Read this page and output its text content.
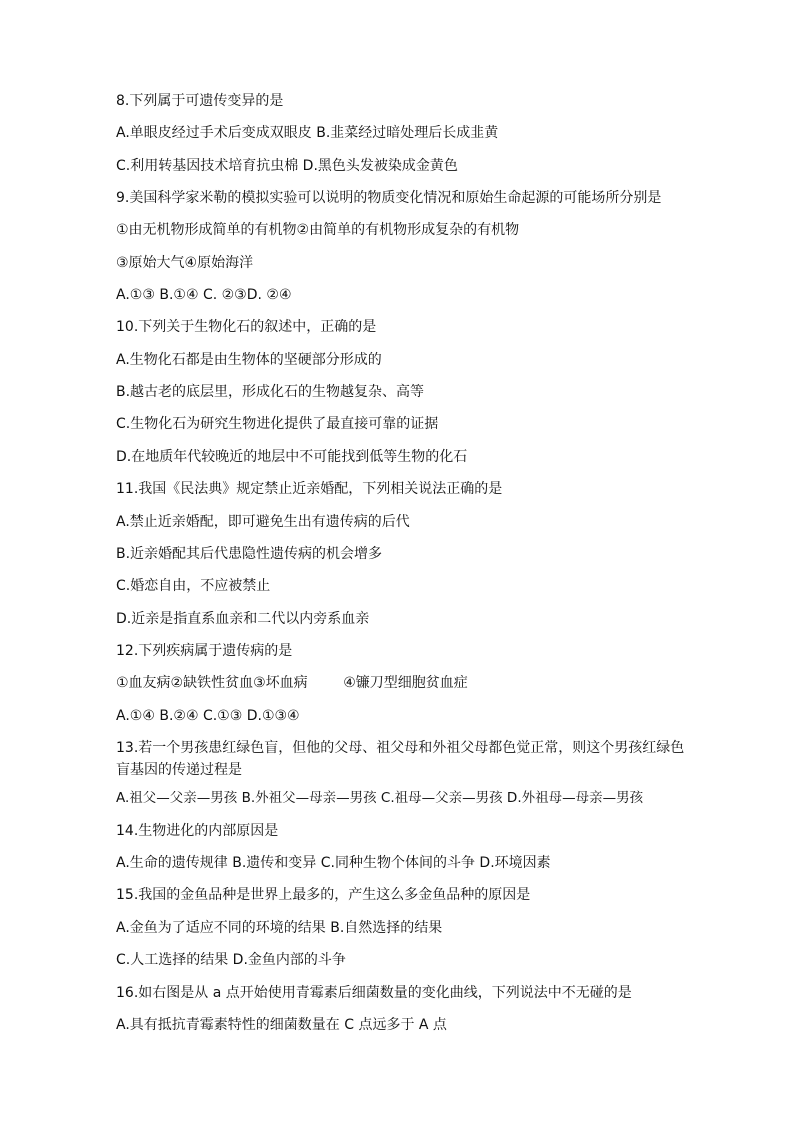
8.下列属于可遗传变异的是
A.单眼皮经过手术后变成双眼皮 B.韭菜经过暗处理后长成韭黄
C.利用转基因技术培育抗虫棉 D.黑色头发被染成金黄色
9.美国科学家米勒的模拟实验可以说明的物质变化情况和原始生命起源的可能场所分别是
①由无机物形成简单的有机物②由简单的有机物形成复杂的有机物
③原始大气④原始海洋
A.①③ B.①④ C. ②③D. ②④
10.下列关于生物化石的叙述中，正确的是
A.生物化石都是由生物体的坚硬部分形成的
B.越古老的底层里，形成化石的生物越复杂、高等
C.生物化石为研究生物进化提供了最直接可靠的证据
D.在地质年代较晚近的地层中不可能找到低等生物的化石
11.我国《民法典》规定禁止近亲婚配，下列相关说法正确的是
A.禁止近亲婚配，即可避免生出有遗传病的后代
B.近亲婚配其后代患隐性遗传病的机会增多
C.婚恋自由，不应被禁止
D.近亲是指直系血亲和二代以内旁系血亲
12.下列疾病属于遗传病的是
①血友病②缺铁性贫血③坏血病        ④镰刀型细胞贫血症
A.①④ B.②④ C.①③ D.①③④
13.若一个男孩患红绿色盲，但他的父母、祖父母和外祖父母都色觉正常，则这个男孩红绿色盲基因的传递过程是
A.祖父—父亲—男孩 B.外祖父—母亲—男孩 C.祖母—父亲—男孩 D.外祖母—母亲—男孩
14.生物进化的内部原因是
A.生命的遗传规律 B.遗传和变异 C.同种生物个体间的斗争 D.环境因素
15.我国的金鱼品种是世界上最多的，产生这么多金鱼品种的原因是
A.金鱼为了适应不同的环境的结果 B.自然选择的结果
C.人工选择的结果 D.金鱼内部的斗争
16.如右图是从 a 点开始使用青霉素后细菌数量的变化曲线，下列说法中不无碰的是
A.具有抵抗青霉素特性的细菌数量在 C 点远多于 A 点
